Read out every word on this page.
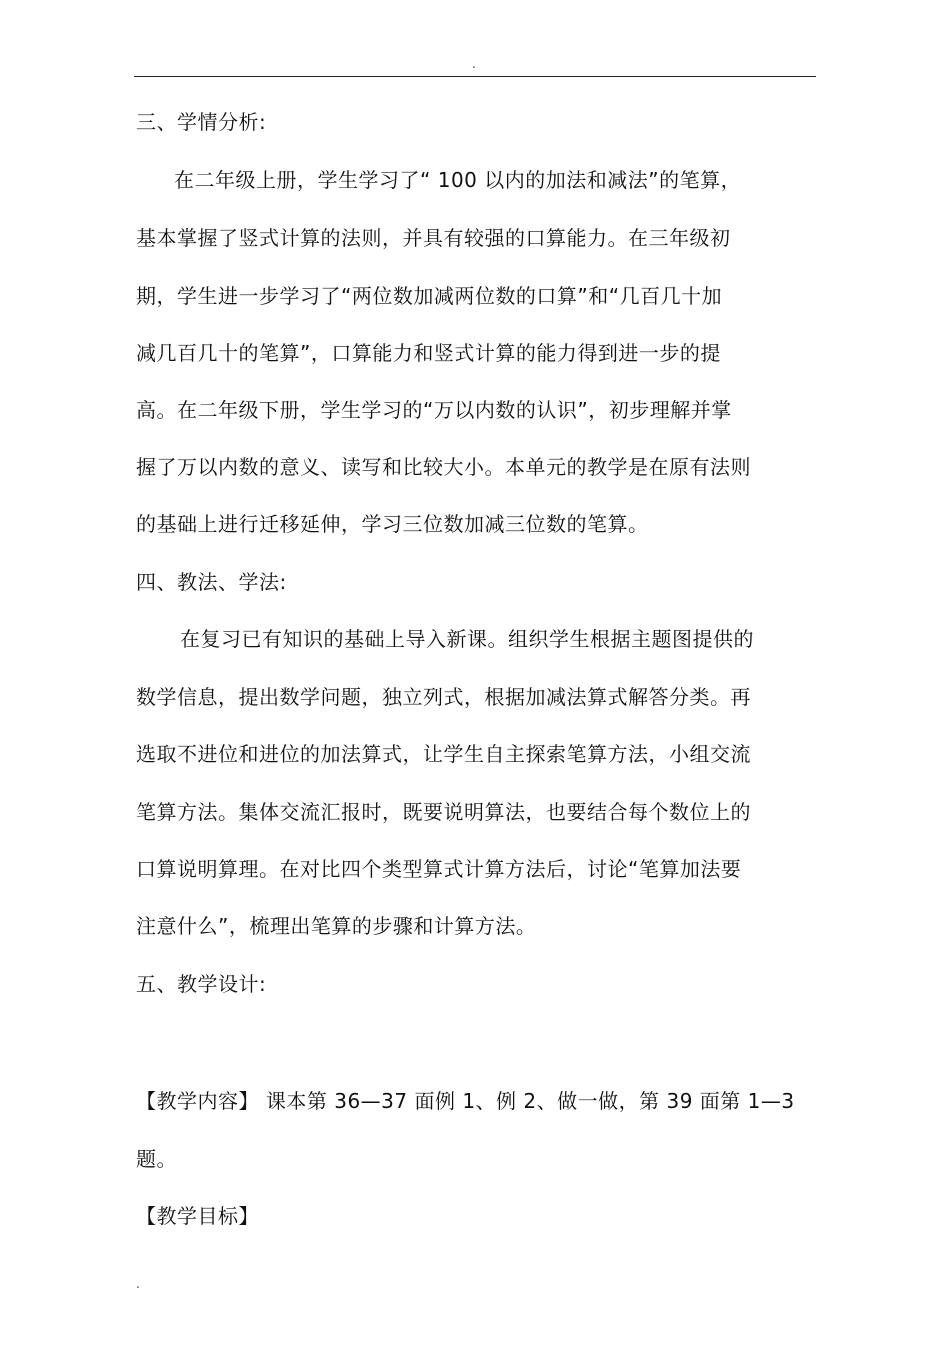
.
三、学情分析:
在二年级上册，学生学习了“ 100 以内的加法和减法”的笔算，
基本掌握了竖式计算的法则，并具有较强的口算能力。在三年级初
期，学生进一步学习了“两位数加减两位数的口算”和“几百几十加
减几百几十的笔算”，口算能力和竖式计算的能力得到进一步的提
高。在二年级下册，学生学习的“万以内数的认识”，初步理解并掌
握了万以内数的意义、读写和比较大小。本单元的教学是在原有法则
的基础上进行迁移延伸，学习三位数加减三位数的笔算。
四、教法、学法:
在复习已有知识的基础上导入新课。组织学生根据主题图提供的
数学信息，提出数学问题，独立列式，根据加减法算式解答分类。再
选取不进位和进位的加法算式，让学生自主探索笔算方法，小组交流
笔算方法。集体交流汇报时，既要说明算法，也要结合每个数位上的
口算说明算理。在对比四个类型算式计算方法后，讨论“笔算加法要
注意什么”，梳理出笔算的步骤和计算方法。
五、教学设计:
【教学内容】 课本第 36—37 面例 1、例 2、做一做，第 39 面第 1—3
题。
【教学目标】
.
